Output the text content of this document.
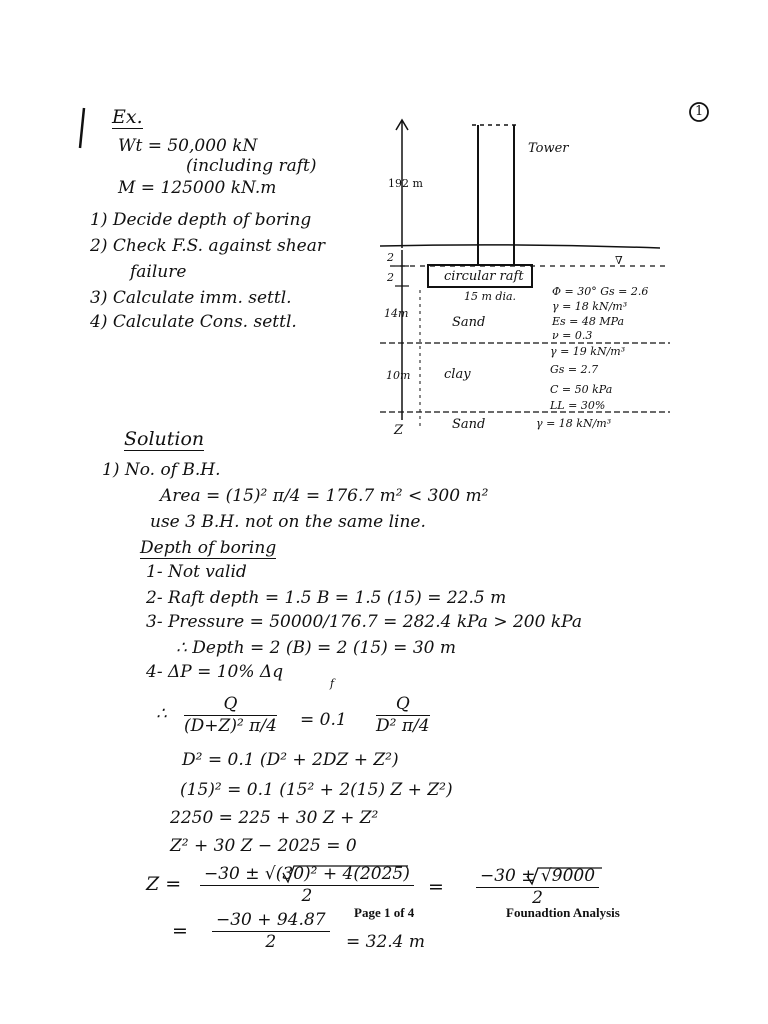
Ex.	1
Wt = 50,000 kN
(including raft)
M = 125000 kN.m
1) Decide depth of boring
2) Check F.S. against shear
failure
3) Calculate imm. settl.
4) Calculate Cons. settl.
Tower
192 m
2
2	circular raft
15 m dia.
∇
14m
10m
Z
Sand
clay
Sand
Φ = 30° Gs = 2.6
γ = 18 kN/m³
Es = 48 MPa
ν = 0.3
γ = 19 kN/m³
Gs = 2.7
C = 50 kPa
LL = 30%
γ = 18 kN/m³
Solution
1) No. of B.H.
Area = (15)² π/4 = 176.7 m² < 300 m²
use 3 B.H. not on the same line.
Depth of boring
1- Not valid
2- Raft depth = 1.5 B = 1.5 (15) = 22.5 m
3- Pressure = 50000/176.7 = 282.4 kPa > 200 kPa
∴ Depth = 2 (B) = 2 (15) = 30 m
4- ΔP = 10% Δq
f
∴ $\frac{Q}{\text{(D+Z)² π/4}} = 0.1 \frac{Q}{\text{D² π/4}}$
D² = 0.1 (D² + 2DZ + Z²)
(15)² = 0.1 (15² + 2(15) Z + Z²)
2250 = 225 + 30 Z + Z²
Z² + 30 Z − 2025 = 0
$Z = \frac{\text{−30 ± √(30)² + 4(2025)}}{2} = \frac{-30 \pm √9000}{2}$
= $\frac{-30 + 94.87}{2} = 32.4$ m
Page 1 of 4	Founadtion Analysis
